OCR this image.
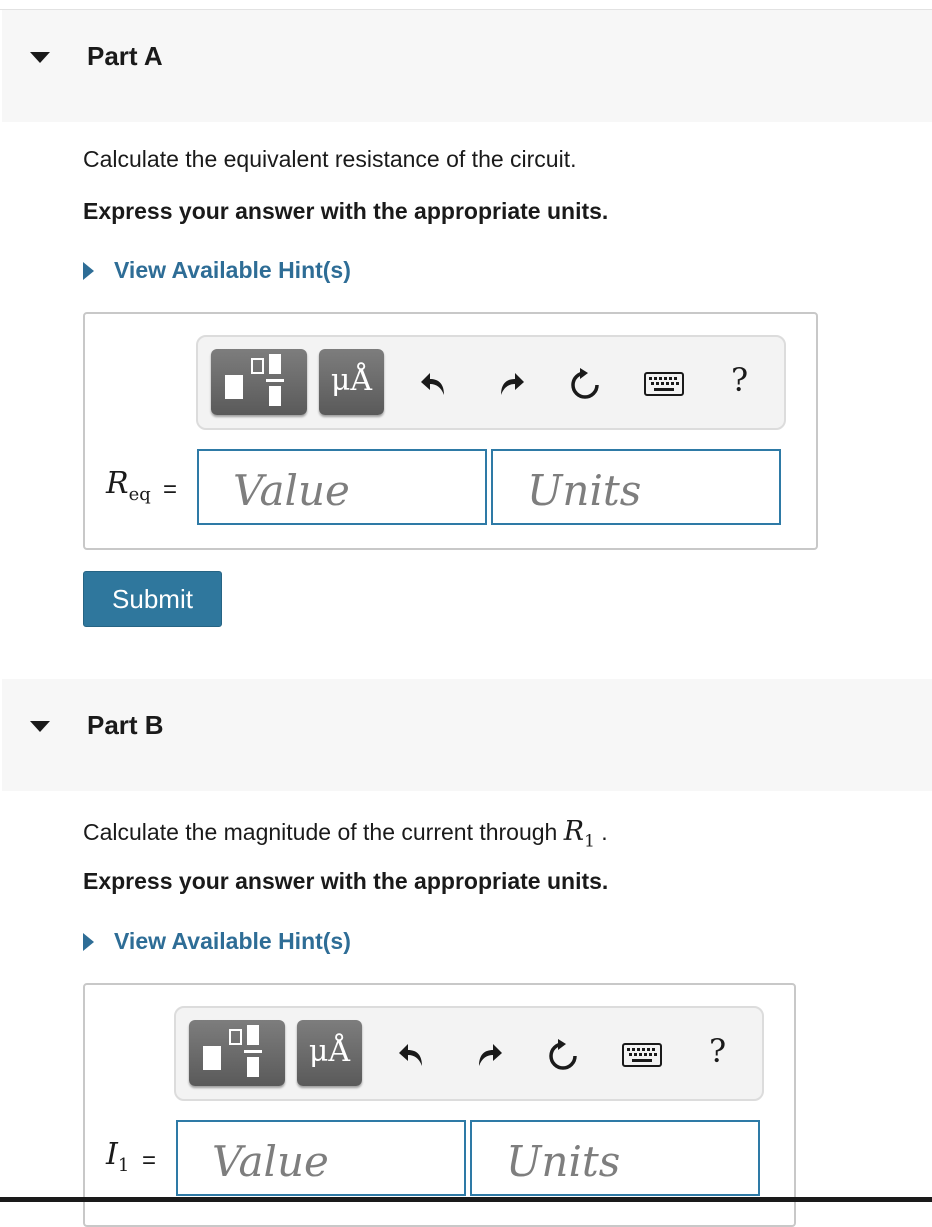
Part A
Calculate the equivalent resistance of the circuit.
Express your answer with the appropriate units.
View Available Hint(s)
μÅ	?
$R_{eq}$ =
Value
Units
Submit
Part B
Calculate the magnitude of the current through $R_1$ .
Express your answer with the appropriate units.
View Available Hint(s)
μÅ	?
$I_1$ =
Value
Units
